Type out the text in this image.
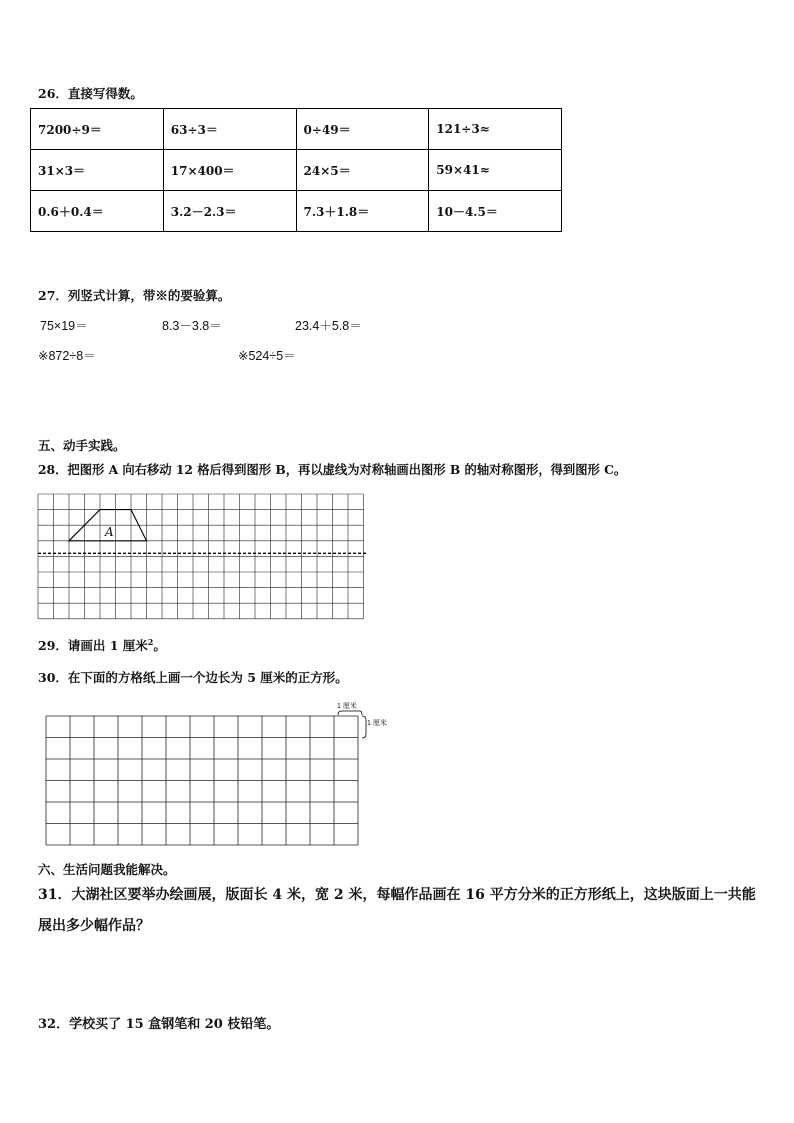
26．直接写得数。
7200÷9＝	63÷3＝	0÷49＝	121÷3≈
31×3＝	17×400＝	24×5＝	59×41≈
0.6＋0.4＝	3.2－2.3＝	7.3＋1.8＝	10－4.5＝
27．列竖式计算，带※的要验算。
75×19＝	8.3－3.8＝	23.4＋5.8＝
※872÷8＝	※524÷5＝
五、动手实践。
28．把图形 A 向右移动 12 格后得到图形 B，再以虚线为对称轴画出图形 B 的轴对称图形，得到图形 C。
A
29．请画出 1 厘米$^2$。
30．在下面的方格纸上画一个边长为 5 厘米的正方形。
1 厘米
1 厘米
六、生活问题我能解决。
31．大湖社区要举办绘画展，版面长 4 米，宽 2 米，每幅作品画在 16 平方分米的正方形纸上，这块版面上一共能展出多少幅作品？
32．学校买了 15 盒钢笔和 20 枝铅笔。
